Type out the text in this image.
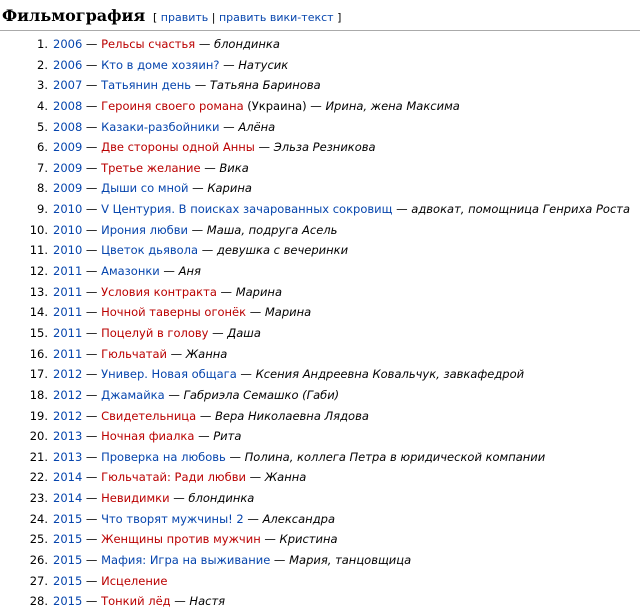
Фильмография [ править | править вики-текст ]
1. 2006 — Рельсы счастья — блондинка
2. 2006 — Кто в доме хозяин? — Натусик
3. 2007 — Татьянин день — Татьяна Баринова
4. 2008 — Героиня своего романа (Украина) — Ирина, жена Максима
5. 2008 — Казаки-разбойники — Алёна
6. 2009 — Две стороны одной Анны — Эльза Резникова
7. 2009 — Третье желание — Вика
8. 2009 — Дыши со мной — Карина
9. 2010 — V Центурия. В поисках зачарованных сокровищ — адвокат, помощница Генриха Роста
10. 2010 — Ирония любви — Маша, подруга Асель
11. 2010 — Цветок дьявола — девушка с вечеринки
12. 2011 — Амазонки — Аня
13. 2011 — Условия контракта — Марина
14. 2011 — Ночной таверны огонёк — Марина
15. 2011 — Поцелуй в голову — Даша
16. 2011 — Гюльчатай — Жанна
17. 2012 — Универ. Новая общага — Ксения Андреевна Ковальчук, завкафедрой
18. 2012 — Джамайка — Габриэла Семашко (Габи)
19. 2012 — Свидетельница — Вера Николаевна Лядова
20. 2013 — Ночная фиалка — Рита
21. 2013 — Проверка на любовь — Полина, коллега Петра в юридической компании
22. 2014 — Гюльчатай: Ради любви — Жанна
23. 2014 — Невидимки — блондинка
24. 2015 — Что творят мужчины! 2 — Александра
25. 2015 — Женщины против мужчин — Кристина
26. 2015 — Мафия: Игра на выживание — Мария, танцовщица
27. 2015 — Исцеление
28. 2015 — Тонкий лёд — Настя
